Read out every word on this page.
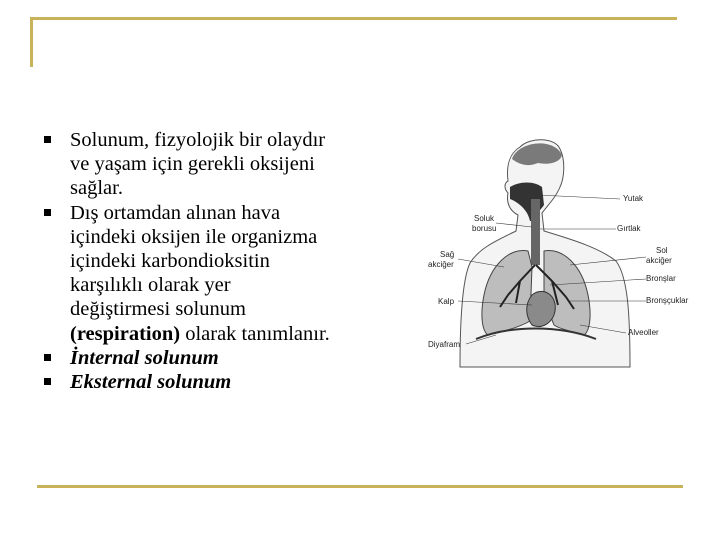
Solunum, fizyolojik bir olaydır ve yaşam için gerekli oksijeni sağlar.
Dış ortamdan alınan hava içindeki oksijen ile organizma içindeki karbondioksitin karşılıklı olarak yer değiştirmesi solunum (respiration) olarak tanımlanır.
İnternal solunum
Eksternal solunum
Yutak
Soluk
borusu	Gırtlak
Sağ
akciğer
Sol
akciğer
Bronşlar
Kalp	Bronşçuklar
Alveoller
Diyafram
